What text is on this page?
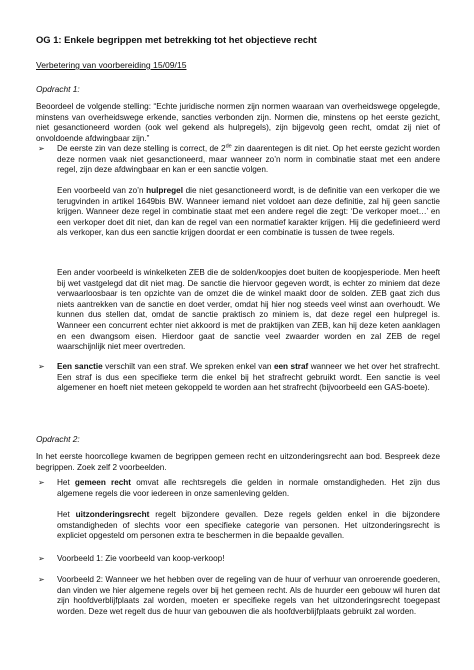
OG 1: Enkele begrippen met betrekking tot het objectieve recht
Verbetering van voorbereiding 15/09/15
Opdracht 1:
Beoordeel de volgende stelling: “Echte juridische normen zijn normen waaraan van overheidswege opgelegde, minstens van overheidswege erkende, sancties verbonden zijn. Normen die, minstens op het eerste gezicht, niet gesanctioneerd worden (ook wel gekend als hulpregels), zijn bijgevolg geen recht, omdat zij niet of onvoldoende afdwingbaar zijn.”
➢ De eerste zin van deze stelling is correct, de 2de zin daarentegen is dit niet. Op het eerste gezicht worden deze normen vaak niet gesanctioneerd, maar wanneer zo’n norm in combinatie staat met een andere regel, zijn deze afdwingbaar en kan er een sanctie volgen.
Een voorbeeld van zo’n hulpregel die niet gesanctioneerd wordt, is de definitie van een verkoper die we terugvinden in artikel 1649bis BW. Wanneer iemand niet voldoet aan deze definitie, zal hij geen sanctie krijgen. Wanneer deze regel in combinatie staat met een andere regel die zegt: ‘De verkoper moet…’ en een verkoper doet dit niet, dan kan de regel van een normatief karakter krijgen. Hij die gedefinieerd werd als verkoper, kan dus een sanctie krijgen doordat er een combinatie is tussen de twee regels.
Een ander voorbeeld is winkelketen ZEB die de solden/koopjes doet buiten de koopjesperiode. Men heeft bij wet vastgelegd dat dit niet mag. De sanctie die hiervoor gegeven wordt, is echter zo miniem dat deze verwaarloosbaar is ten opzichte van de omzet die de winkel maakt door de solden. ZEB gaat zich dus niets aantrekken van de sanctie en doet verder, omdat hij hier nog steeds veel winst aan overhoudt. We kunnen dus stellen dat, omdat de sanctie praktisch zo miniem is, dat deze regel een hulpregel is. Wanneer een concurrent echter niet akkoord is met de praktijken van ZEB, kan hij deze keten aanklagen en een dwangsom eisen. Hierdoor gaat de sanctie veel zwaarder worden en zal ZEB de regel waarschijnlijk niet meer overtreden.
➢ Een sanctie verschilt van een straf. We spreken enkel van een straf wanneer we het over het strafrecht. Een straf is dus een specifieke term die enkel bij het strafrecht gebruikt wordt. Een sanctie is veel algemener en hoeft niet meteen gekoppeld te worden aan het strafrecht (bijvoorbeeld een GAS-boete).
Opdracht 2:
In het eerste hoorcollege kwamen de begrippen gemeen recht en uitzonderingsrecht aan bod. Bespreek deze begrippen. Zoek zelf 2 voorbeelden.
➢ Het gemeen recht omvat alle rechtsregels die gelden in normale omstandigheden. Het zijn dus algemene regels die voor iedereen in onze samenleving gelden.
Het uitzonderingsrecht regelt bijzondere gevallen. Deze regels gelden enkel in die bijzondere omstandigheden of slechts voor een specifieke categorie van personen. Het uitzonderingsrecht is expliciet opgesteld om personen extra te beschermen in die bepaalde gevallen.
➢ Voorbeeld 1: Zie voorbeeld van koop-verkoop!
➢ Voorbeeld 2: Wanneer we het hebben over de regeling van de huur of verhuur van onroerende goederen, dan vinden we hier algemene regels over bij het gemeen recht. Als de huurder een gebouw wil huren dat zijn hoofdverblijfplaats zal worden, moeten er specifieke regels van het uitzonderingsrecht toegepast worden. Deze wet regelt dus de huur van gebouwen die als hoofdverblijfplaats gebruikt zal worden.
